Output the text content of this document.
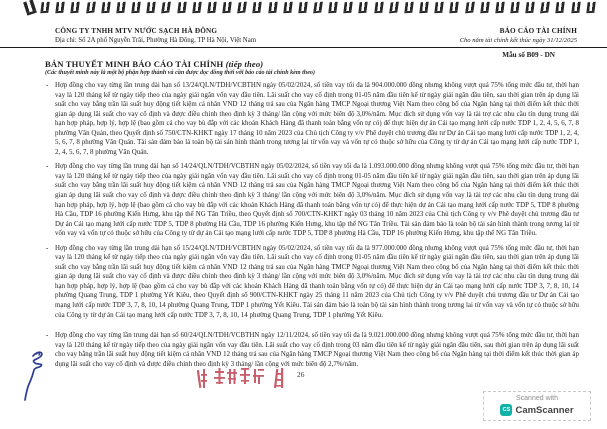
CÔNG TY TNHH MTV NƯỚC SẠCH HÀ ĐÔNG
Địa chỉ: Số 2A phố Nguyễn Trãi, Phường Hà Đông, TP Hà Nội, Việt Nam
BÁO CÁO TÀI CHÍNH
Cho năm tài chính kết thúc ngày 31/12/2025
Mẫu số B09 - DN
BẢN THUYẾT MINH BÁO CÁO TÀI CHÍNH (tiếp theo)
(Các thuyết minh này là một bộ phận hợp thành và cần được đọc đồng thời với báo cáo tài chính kèm theo)
- Hợp đồng cho vay từng lần trung dài hạn số 13/24/QLN/TDH/VCBTHN ngày 05/02/2024, số tiền vay tối đa là 904.000.000 đồng nhưng không vượt quá 75% tổng mức đầu tư, thời hạn vay là 120 tháng kể từ ngày tiếp theo của ngày giải ngân vốn vay đầu tiên. Lãi suất cho vay cố định trong 01-05 năm đầu tiên kể từ ngày giải ngân đầu tiên, sau thời gian trên áp dụng lãi suất cho vay bằng trần lãi suất huy động tiết kiệm cá nhân VND 12 tháng trả sau của Ngân hàng TMCP Ngoại thương Việt Nam theo công bố của Ngân hàng tại thời điểm kết thúc thời gian áp dụng lãi suất cho vay cố định và được điều chỉnh theo định kỳ 3 tháng/ lần cộng với mức biên độ 3,0%/năm. Mục đích sử dụng vốn vay là tài trợ các nhu cầu tín dụng trung dài hạn hợp pháp, hợp lý, hợp lệ (bao gồm cả cho vay bù đắp với các khoản Khách Hàng đã thanh toán bằng vốn tự có) để thực hiện dự án Cải tạo mạng lưới cấp nước TDP 1, 2, 4, 5, 6, 7, 8 phường Văn Quán, theo Quyết định số 750/CTN-KHKT ngày 17 tháng 10 năm 2023 của Chủ tịch Công ty v/v Phê duyệt chủ trương đầu tư Dự án Cải tạo mạng lưới cấp nước TDP 1, 2, 4, 5, 6, 7, 8 phường Văn Quán. Tài sản đảm bảo là toàn bộ tài sản hình thành trong tương lai từ vốn vay và vốn tự có thuộc sở hữu của Công ty từ dự án Cải tạo mạng lưới cấp nước TDP 1, 2, 4, 5, 6, 7, 8 phường Văn Quán.
- Hợp đồng cho vay từng lần trung dài hạn số 14/24/QLN/TDH/VCBTHN ngày 05/02/2024, số tiền vay tối đa là 1.093.000.000 đồng nhưng không vượt quá 75% tổng mức đầu tư, thời hạn vay là 120 tháng kể từ ngày tiếp theo của ngày giải ngân vốn vay đầu tiên. Lãi suất cho vay cố định trong 01-05 năm đầu tiên kể từ ngày giải ngân đầu tiên, sau thời gian trên áp dụng lãi suất cho vay bằng trần lãi suất huy động tiết kiệm cá nhân VND 12 tháng trả sau của Ngân hàng TMCP Ngoại thương Việt Nam theo công bố của Ngân hàng tại thời điểm kết thúc thời gian áp dụng lãi suất cho vay cố định và được điều chỉnh theo định kỳ 3 tháng/ lần cộng với mức biên độ 3,0%/năm. Mục đích sử dụng vốn vay là tài trợ các nhu cầu tín dụng trung dài hạn hợp pháp, hợp lý, hợp lệ (bao gồm cả cho vay bù đắp với các khoản Khách Hàng đã thanh toán bằng vốn tự có) để thực hiện dự án Cải tạo mạng lưới cấp nước TDP 5, TDP 8 phường Hà Cầu, TDP 16 phường Kiến Hưng, khu tập thể NG Tân Triều, theo Quyết định số 700/CTN-KHKT ngày 03 tháng 10 năm 2023 của Chủ tịch Công ty v/v Phê duyệt chủ trương đầu tư Dự án Cải tạo mạng lưới cấp nước TDP 5, TDP 8 phường Hà Cầu, TDP 16 phường Kiến Hưng, khu tập thể NG Tân Triều. Tài sản đảm bảo là toàn bộ tài sản hình thành trong tương lai từ vốn vay và vốn tự có thuộc sở hữu của Công ty từ dự án Cải tạo mạng lưới cấp nước TDP 5, TDP 8 phường Hà Cầu, TDP 16 phường Kiến Hưng, khu tập thể NG Tân Triều.
- Hợp đồng cho vay từng lần trung dài hạn số 15/24/QLN/TDH/VCBTHN ngày 05/02/2024, số tiền vay tối đa là 977.000.000 đồng nhưng không vượt quá 75% tổng mức đầu tư, thời hạn vay là 120 tháng kể từ ngày tiếp theo của ngày giải ngân vốn vay đầu tiên. Lãi suất cho vay cố định trong 01-05 năm đầu tiên kể từ ngày giải ngân đầu tiên, sau thời gian trên áp dụng lãi suất cho vay bằng trần lãi suất huy động tiết kiệm cá nhân VND 12 tháng trả sau của Ngân hàng TMCP Ngoại thương Việt Nam theo công bố của Ngân hàng tại thời điểm kết thúc thời gian áp dụng lãi suất cho vay cố định và được điều chỉnh theo định kỳ 3 tháng/ lần cộng với mức biên độ 3,0%/năm. Mục đích sử dụng vốn vay là tài trợ các nhu cầu tín dụng trung dài hạn hợp pháp, hợp lý, hợp lệ (bao gồm cả cho vay bù đắp với các khoản Khách Hàng đã thanh toán bằng vốn tự có) để thực hiện dự án Cải tạo mạng lưới cấp nước TDP 3, 7, 8, 10, 14 phường Quang Trung, TDP 1 phường Yết Kiêu, theo Quyết định số 900/CTN-KHKT ngày 25 tháng 11 năm 2023 của Chủ tịch Công ty v/v Phê duyệt chủ trương đầu tư Dự án Cải tạo mạng lưới cấp nước TDP 3, 7, 8, 10, 14 phường Quang Trung, TDP 1 phường Yết Kiêu. Tài sản đảm bảo là toàn bộ tài sản hình thành trong tương lai từ vốn vay và vốn tự có thuộc sở hữu của Công ty từ dự án Cải tạo mạng lưới cấp nước TDP 3, 7, 8, 10, 14 phường Quang Trung, TDP 1 phường Yết Kiêu.
- Hợp đồng cho vay từng lần trung dài hạn số 60/24/QLN/TDH/VCBTHN ngày 12/11/2024, số tiền vay tối đa là 9.021.000.000 đồng nhưng không vượt quá 75% tổng mức đầu tư, thời hạn vay là 120 tháng kể từ ngày tiếp theo của ngày giải ngân vốn vay đầu tiên. Lãi suất cho vay cố định trong 03 năm đầu tiên kể từ ngày giải ngân đầu tiên, sau thời gian trên áp dụng lãi suất cho vay bằng trần lãi suất huy động tiết kiệm cá nhân VND 12 tháng trả sau của Ngân hàng TMCP Ngoại thương Việt Nam theo công bố của Ngân hàng tại thời điểm kết thúc thời gian áp dụng lãi suất cho vay cố định và được điều chỉnh theo định kỳ 3 tháng/ lần cộng với mức biên độ 2,7%/năm.
26
Scanned with
CS CamScanner
